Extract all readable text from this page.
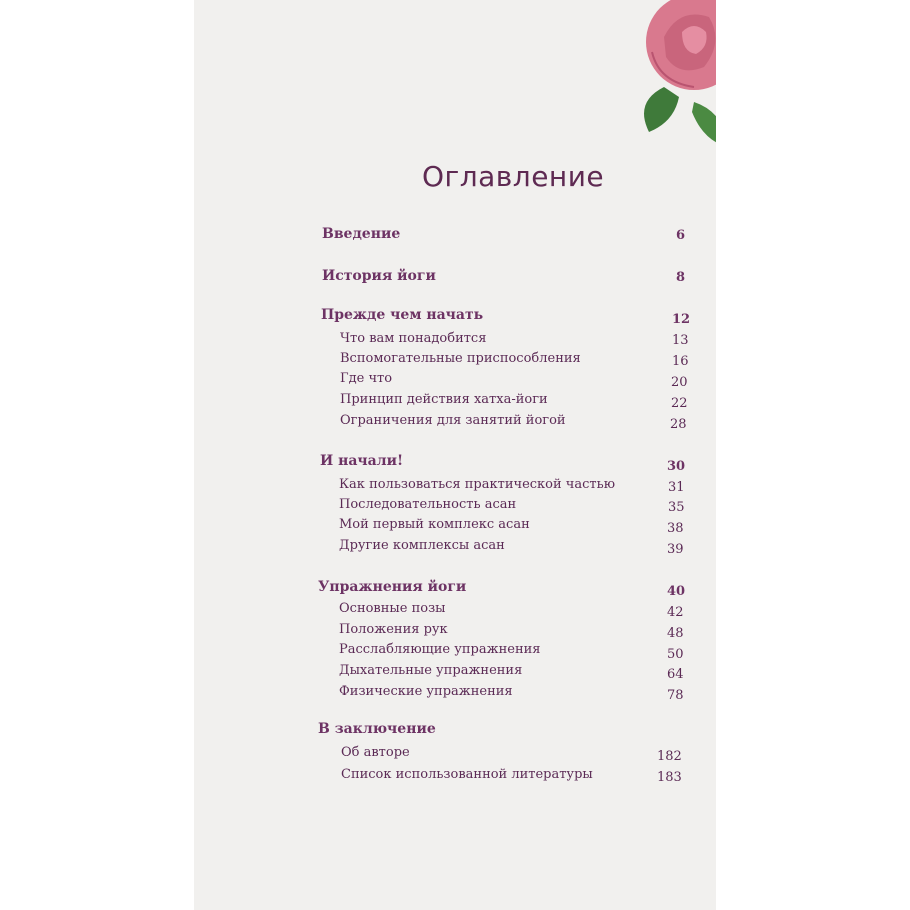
Оглавление
Введение	6
История йоги	8
Прежде чем начать	12
Что вам понадобится	13
Вспомогательные приспособления	16
Где что	20
Принцип действия хатха-йоги	22
Ограничения для занятий йогой	28
И начали!	30
Как пользоваться практической частью	31
Последовательность асан	35
Мой первый комплекс асан	38
Другие комплексы асан	39
Упражнения йоги	40
Основные позы	42
Положения рук	48
Расслабляющие упражнения	50
Дыхательные упражнения	64
Физические упражнения	78
В заключение
Об авторе	182
Список использованной литературы	183
